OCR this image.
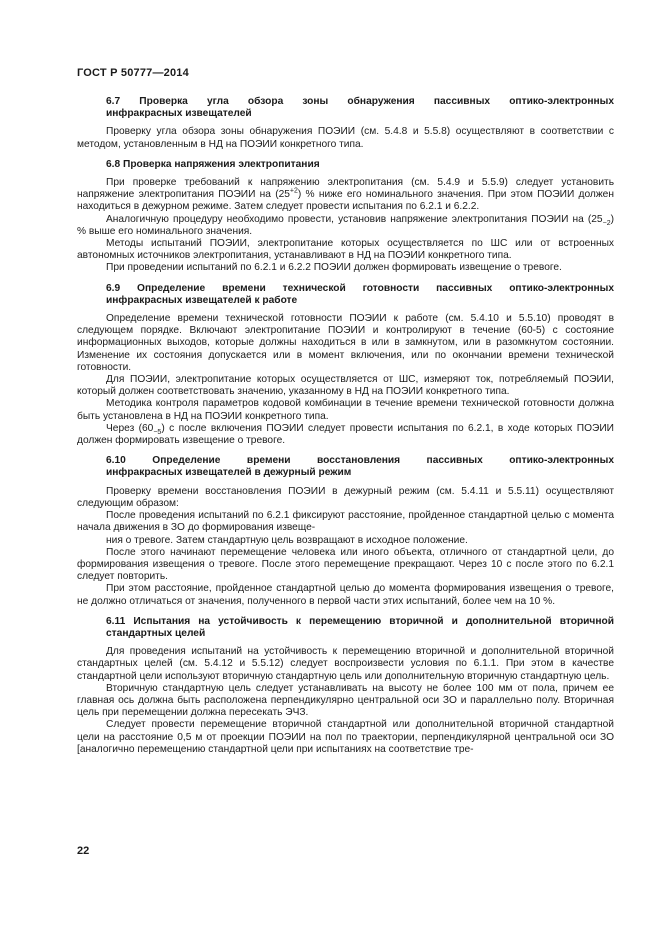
ГОСТ Р 50777—2014
6.7 Проверка угла обзора зоны обнаружения пассивных оптико-электронных
инфракрасных извещателей

Проверку угла обзора зоны обнаружения ПОЭИИ (см. 5.4.8 и 5.5.8) осуществляют в соответствии с методом, установленным в НД на ПОЭИИ конкретного типа.

6.8 Проверка напряжения электропитания

При проверке требований к напряжению электропитания (см. 5.4.9 и 5.5.9) следует установить напряжение электропитания ПОЭИИ на $(25^{+2})$ % ниже его номинального значения. При этом ПОЭИИ должен находиться в дежурном режиме. Затем следует провести испытания по 6.2.1 и 6.2.2.

Аналогичную процедуру необходимо провести, установив напряжение электропитания ПОЭИИ на $(25_{-2})$ % выше его номинального значения.

Методы испытаний ПОЭИИ, электропитание которых осуществляется по ШС или от встроенных автономных источников электропитания, устанавливают в НД на ПОЭИИ конкретного типа.

При проведении испытаний по 6.2.1 и 6.2.2 ПОЭИИ должен формировать извещение о тревоге.

6.9 Определение времени технической готовности пассивных оптико-электронных
инфракрасных извещателей к работе

Определение времени технической готовности ПОЭИИ к работе (см. 5.4.10 и 5.5.10) проводят в следующем порядке. Включают электропитание ПОЭИИ и контролируют в течение (60-5) с состояние информационных выходов, которые должны находиться в или в замкнутом, или в разомкнутом состоянии. Изменение их состояния допускается или в момент включения, или по окончании времени технической готовности.

Для ПОЭИИ, электропитание которых осуществляется от ШС, измеряют ток, потребляемый ПОЭИИ, который должен соответствовать значению, указанному в НД на ПОЭИИ конкретного типа.

Методика контроля параметров кодовой комбинации в течение времени технической готовности должна быть установлена в НД на ПОЭИИ конкретного типа.

Через $(60_{-5})$ с после включения ПОЭИИ следует провести испытания по 6.2.1, в ходе которых ПОЭИИ должен формировать извещение о тревоге.

6.10 Определение времени восстановления пассивных оптико-электронных
инфракрасных извещателей в дежурный режим

Проверку времени восстановления ПОЭИИ в дежурный режим (см. 5.4.11 и 5.5.11) осуществляют следующим образом:

После проведения испытаний по 6.2.1 фиксируют расстояние, пройденное стандартной целью с момента начала движения в ЗО до формирования извеще-

ния о тревоге. Затем стандартную цель возвращают в исходное положение.

После этого начинают перемещение человека или иного объекта, отличного от стандартной цели, до формирования извещения о тревоге. После этого перемещение прекращают. Через 10 с после этого по 6.2.1 следует повторить.

При этом расстояние, пройденное стандартной целью до момента формирования извещения о тревоге, не должно отличаться от значения, полученного в первой части этих испытаний, более чем на 10 %.

6.11 Испытания на устойчивость к перемещению вторичной и дополнительной вторичной
стандартных целей

Для проведения испытаний на устойчивость к перемещению вторичной и дополнительной вторичной стандартных целей (см. 5.4.12 и 5.5.12) следует воспроизвести условия по 6.1.1. При этом в качестве стандартной цели используют вторичную стандартную цель или дополнительную вторичную стандартную цель.

Вторичную стандартную цель следует устанавливать на высоту не более 100 мм от пола, причем ее главная ось должна быть расположена перпендикулярно центральной оси ЗО и параллельно полу. Вторичная цель при перемещении должна пересекать ЭЧЗ.

Следует провести перемещение вторичной стандартной или дополнительной вторичной стандартной цели на расстояние 0,5 м от проекции ПОЭИИ на пол по траектории, перпендикулярной центральной оси ЗО [аналогично перемещению стандартной цели при испытаниях на соответствие тре-

22
